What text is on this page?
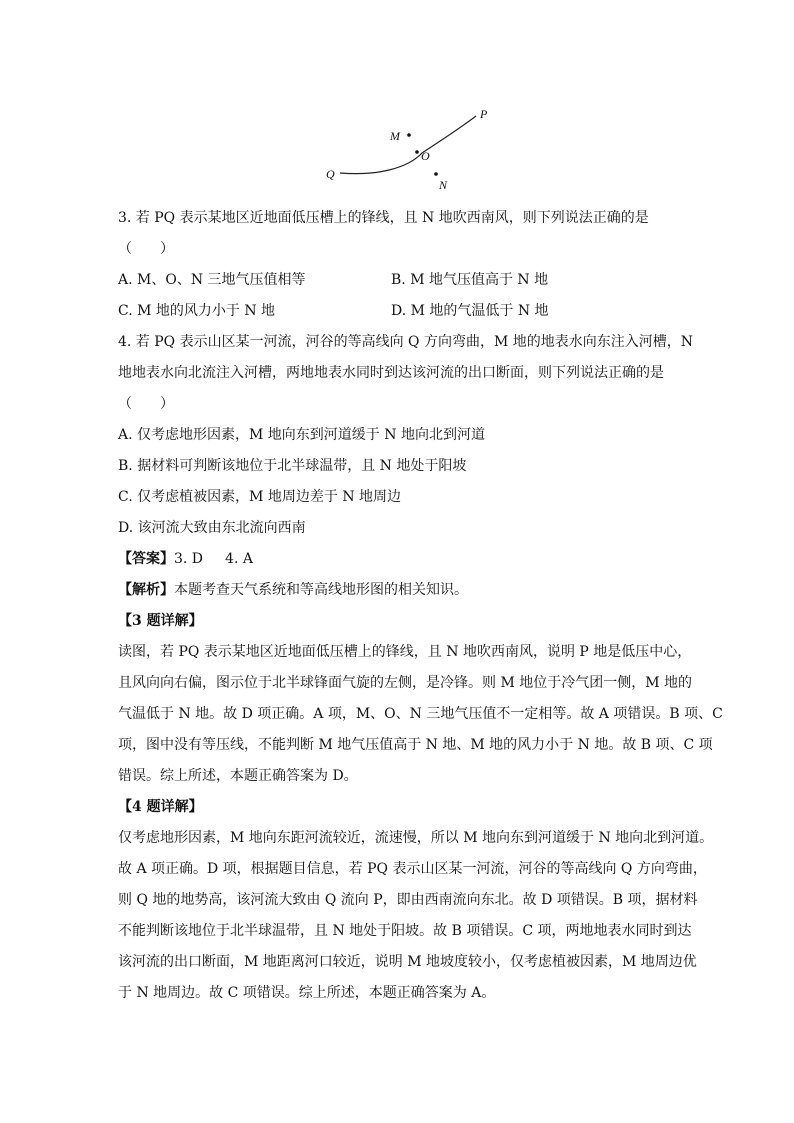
M
O
P
Q
N
3. 若 PQ 表示某地区近地面低压槽上的锋线，且 N 地吹西南风，则下列说法正确的是
（　　）
A. M、O、N 三地气压值相等	B. M 地气压值高于 N 地
C. M 地的风力小于 N 地	D. M 地的气温低于 N 地
4. 若 PQ 表示山区某一河流，河谷的等高线向 Q 方向弯曲，M 地的地表水向东注入河槽，N
地地表水向北流注入河槽，两地地表水同时到达该河流的出口断面，则下列说法正确的是
（　　）
A. 仅考虑地形因素，M 地向东到河道缓于 N 地向北到河道
B. 据材料可判断该地位于北半球温带，且 N 地处于阳坡
C. 仅考虑植被因素，M 地周边差于 N 地周边
D. 该河流大致由东北流向西南
【答案】3. D 4. A
【解析】本题考查天气系统和等高线地形图的相关知识。
【3 题详解】
读图，若 PQ 表示某地区近地面低压槽上的锋线，且 N 地吹西南风，说明 P 地是低压中心，
且风向向右偏，图示位于北半球锋面气旋的左侧，是冷锋。则 M 地位于冷气团一侧，M 地的
气温低于 N 地。故 D 项正确。A 项，M、O、N 三地气压值不一定相等。故 A 项错误。B 项、C
项，图中没有等压线，不能判断 M 地气压值高于 N 地、M 地的风力小于 N 地。故 B 项、C 项
错误。综上所述，本题正确答案为 D。
【4 题详解】
仅考虑地形因素，M 地向东距河流较近，流速慢，所以 M 地向东到河道缓于 N 地向北到河道。
故 A 项正确。D 项，根据题目信息，若 PQ 表示山区某一河流，河谷的等高线向 Q 方向弯曲，
则 Q 地的地势高，该河流大致由 Q 流向 P，即由西南流向东北。故 D 项错误。B 项，据材料
不能判断该地位于北半球温带，且 N 地处于阳坡。故 B 项错误。C 项，两地地表水同时到达
该河流的出口断面，M 地距离河口较近，说明 M 地坡度较小，仅考虑植被因素，M 地周边优
于 N 地周边。故 C 项错误。综上所述，本题正确答案为 A。
